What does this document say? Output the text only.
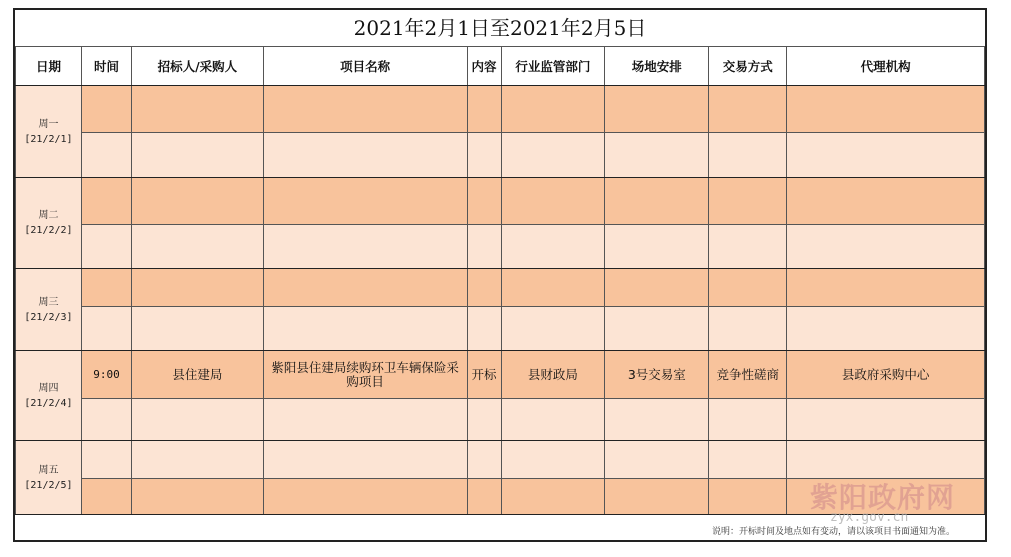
2021年2月1日至2021年2月5日
日期	时间	招标人/采购人	项目名称	内容	行业监管部门	场地安排	交易方式	代理机构
周一
[21/2/1]								

周二
[21/2/2]								

周三
[21/2/3]								

周四
[21/2/4]	9:00	县住建局	紫阳县住建局续购环卫车辆保险采购项目	开标	县财政局	3号交易室	竞争性磋商	县政府采购中心

周五
[21/2/5]								

说明：开标时间及地点如有变动，请以该项目书面通知为准。
紫阳政府网
zyx.gov.cn
